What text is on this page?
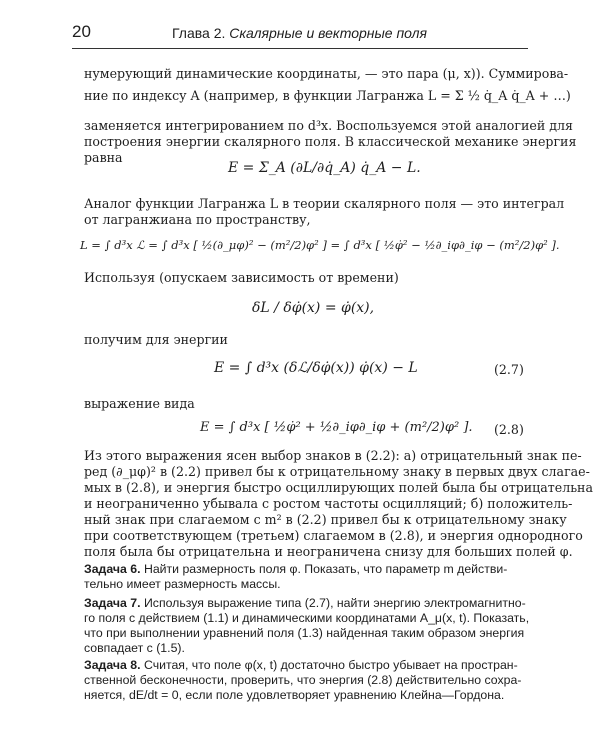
20	Глава 2. Скалярные и векторные поля
нумерующий динамические координаты, — это пара (μ, x)). Суммирова-
ние по индексу A (например, в функции Лагранжа L = Σ ½ q̇_A q̇_A + …)
заменяется интегрированием по d³x. Воспользуемся этой аналогией для
построения энергии скалярного поля. В классической механике энергия
равна
E = Σ_A (∂L/∂q̇_A) q̇_A − L.
Аналог функции Лагранжа L в теории скалярного поля — это интеграл
от лагранжиана по пространству,
L = ∫ d³x ℒ = ∫ d³x [ ½(∂_μφ)² − (m²/2)φ² ] = ∫ d³x [ ½φ̇² − ½∂_iφ∂_iφ − (m²/2)φ² ].
Используя (опускаем зависимость от времени)
δL / δφ̇(x) = φ̇(x),
получим для энергии
E = ∫ d³x (δℒ/δφ̇(x)) φ̇(x) − L	(2.7)
выражение вида
E = ∫ d³x [ ½φ̇² + ½∂_iφ∂_iφ + (m²/2)φ² ]. (2.8)
Из этого выражения ясен выбор знаков в (2.2): а) отрицательный знак пе-
ред (∂_μφ)² в (2.2) привел бы к отрицательному знаку в первых двух слагае-
мых в (2.8), и энергия быстро осциллирующих полей была бы отрицательна
и неограниченно убывала с ростом частоты осцилляций; б) положитель-
ный знак при слагаемом с m² в (2.2) привел бы к отрицательному знаку
при соответствующем (третьем) слагаемом в (2.8), и энергия однородного
поля была бы отрицательна и неограничена снизу для больших полей φ.
Задача 6. Найти размерность поля φ. Показать, что параметр m действи-тельно имеет размерность массы.
Задача 7. Используя выражение типа (2.7), найти энергию электромагнитно-го поля с действием (1.1) и динамическими координатами A_μ(x, t). Показать, что при выполнении уравнений поля (1.3) найденная таким образом энергия совпадает с (1.5).
Задача 8. Считая, что поле φ(x, t) достаточно быстро убывает на простран-ственной бесконечности, проверить, что энергия (2.8) действительно сохра-няется, dE/dt = 0, если поле удовлетворяет уравнению Клейна—Гордона.
